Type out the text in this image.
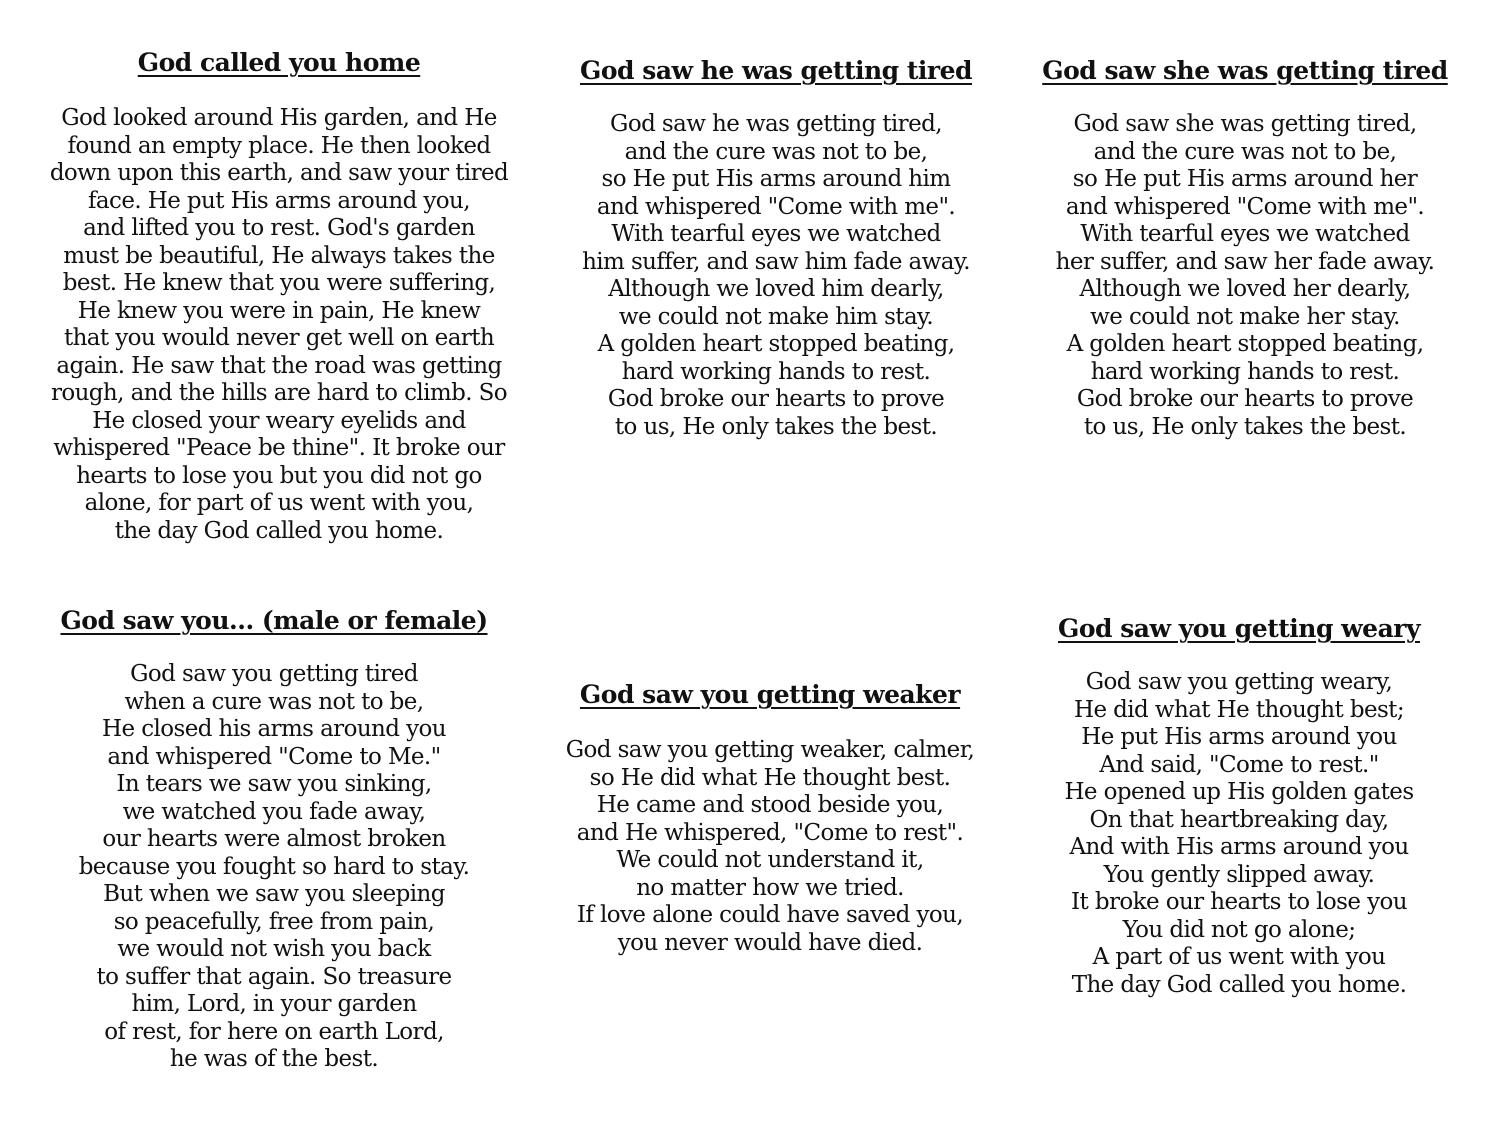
God called you home
God looked around His garden, and He
found an empty place. He then looked
down upon this earth, and saw your tired
face. He put His arms around you,
and lifted you to rest. God's garden
must be beautiful, He always takes the
best. He knew that you were suffering,
He knew you were in pain, He knew
that you would never get well on earth
again. He saw that the road was getting
rough, and the hills are hard to climb. So
He closed your weary eyelids and
whispered "Peace be thine". It broke our
hearts to lose you but you did not go
alone, for part of us went with you,
the day God called you home.
God saw he was getting tired
God saw he was getting tired,
and the cure was not to be,
so He put His arms around him
and whispered "Come with me".
With tearful eyes we watched
him suffer, and saw him fade away.
Although we loved him dearly,
we could not make him stay.
A golden heart stopped beating,
hard working hands to rest.
God broke our hearts to prove
to us, He only takes the best.
God saw she was getting tired
God saw she was getting tired,
and the cure was not to be,
so He put His arms around her
and whispered "Come with me".
With tearful eyes we watched
her suffer, and saw her fade away.
Although we loved her dearly,
we could not make her stay.
A golden heart stopped beating,
hard working hands to rest.
God broke our hearts to prove
to us, He only takes the best.
God saw you... (male or female)
God saw you getting tired
when a cure was not to be,
He closed his arms around you
and whispered "Come to Me."
In tears we saw you sinking,
we watched you fade away,
our hearts were almost broken
because you fought so hard to stay.
But when we saw you sleeping
so peacefully, free from pain,
we would not wish you back
to suffer that again. So treasure
him, Lord, in your garden
of rest, for here on earth Lord,
he was of the best.
God saw you getting weaker
God saw you getting weaker, calmer,
so He did what He thought best.
He came and stood beside you,
and He whispered, "Come to rest".
We could not understand it,
no matter how we tried.
If love alone could have saved you,
you never would have died.
God saw you getting weary
God saw you getting weary,
He did what He thought best;
He put His arms around you
And said, "Come to rest."
He opened up His golden gates
On that heartbreaking day,
And with His arms around you
You gently slipped away.
It broke our hearts to lose you
You did not go alone;
A part of us went with you
The day God called you home.
